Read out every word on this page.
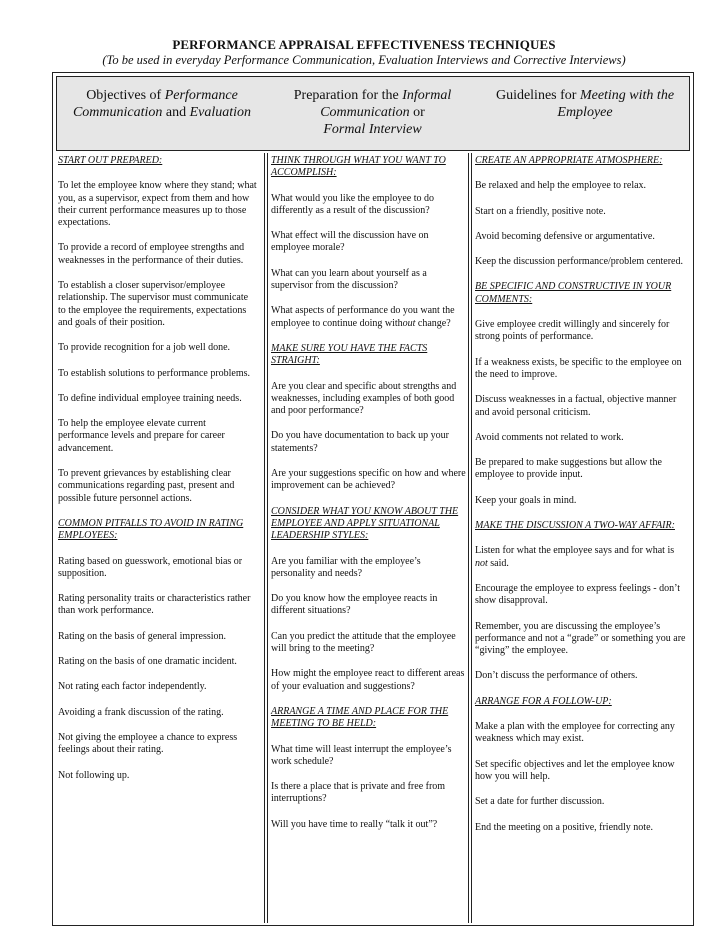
PERFORMANCE APPRAISAL EFFECTIVENESS TECHNIQUES
(To be used in everyday Performance Communication, Evaluation Interviews and Corrective Interviews)
Objectives of Performance
Communication and Evaluation
Preparation for the Informal
Communication or
Formal Interview
Guidelines for Meeting with the
Employee

START OUT PREPARED:

To let the employee know where they stand; what you, as a supervisor, expect from them and how their current performance measures up to those expectations.

To provide a record of employee strengths and weaknesses in the performance of their duties.

To establish a closer supervisor/employee relationship. The supervisor must communicate to the employee the requirements, expectations and goals of their position.

To provide recognition for a job well done.

To establish solutions to performance problems.

To define individual employee training needs.

To help the employee elevate current performance levels and prepare for career advancement.

To prevent grievances by establishing clear communications regarding past, present and possible future personnel actions.

COMMON PITFALLS TO AVOID IN RATING EMPLOYEES:

Rating based on guesswork, emotional bias or supposition.

Rating personality traits or characteristics rather than work performance.

Rating on the basis of general impression.

Rating on the basis of one dramatic incident.

Not rating each factor independently.

Avoiding a frank discussion of the rating.

Not giving the employee a chance to express feelings about their rating.

Not following up.

THINK THROUGH WHAT YOU WANT TO ACCOMPLISH:

What would you like the employee to do differently as a result of the discussion?

What effect will the discussion have on employee morale?

What can you learn about yourself as a supervisor from the discussion?

What aspects of performance do you want the employee to continue doing without change?

MAKE SURE YOU HAVE THE FACTS STRAIGHT:

Are you clear and specific about strengths and weaknesses, including examples of both good and poor performance?

Do you have documentation to back up your statements?

Are your suggestions specific on how and where improvement can be achieved?

CONSIDER WHAT YOU KNOW ABOUT THE EMPLOYEE AND APPLY SITUATIONAL LEADERSHIP STYLES:

Are you familiar with the employee’s personality and needs?

Do you know how the employee reacts in different situations?

Can you predict the attitude that the employee will bring to the meeting?

How might the employee react to different areas of your evaluation and suggestions?

ARRANGE A TIME AND PLACE FOR THE MEETING TO BE HELD:

What time will least interrupt the employee’s work schedule?

Is there a place that is private and free from interruptions?

Will you have time to really “talk it out”?

CREATE AN APPROPRIATE ATMOSPHERE:

Be relaxed and help the employee to relax.

Start on a friendly, positive note.

Avoid becoming defensive or argumentative.

Keep the discussion performance/problem centered.

BE SPECIFIC AND CONSTRUCTIVE IN YOUR COMMENTS:

Give employee credit willingly and sincerely for strong points of performance.

If a weakness exists, be specific to the employee on the need to improve.

Discuss weaknesses in a factual, objective manner and avoid personal criticism.

Avoid comments not related to work.

Be prepared to make suggestions but allow the employee to provide input.

Keep your goals in mind.

MAKE THE DISCUSSION A TWO-WAY AFFAIR:

Listen for what the employee says and for what is not said.

Encourage the employee to express feelings - don’t show disapproval.

Remember, you are discussing the employee’s performance and not a “grade” or something you are “giving” the employee.

Don’t discuss the performance of others.

ARRANGE FOR A FOLLOW-UP:

Make a plan with the employee for correcting any weakness which may exist.

Set specific objectives and let the employee know how you will help.

Set a date for further discussion.

End the meeting on a positive, friendly note.
